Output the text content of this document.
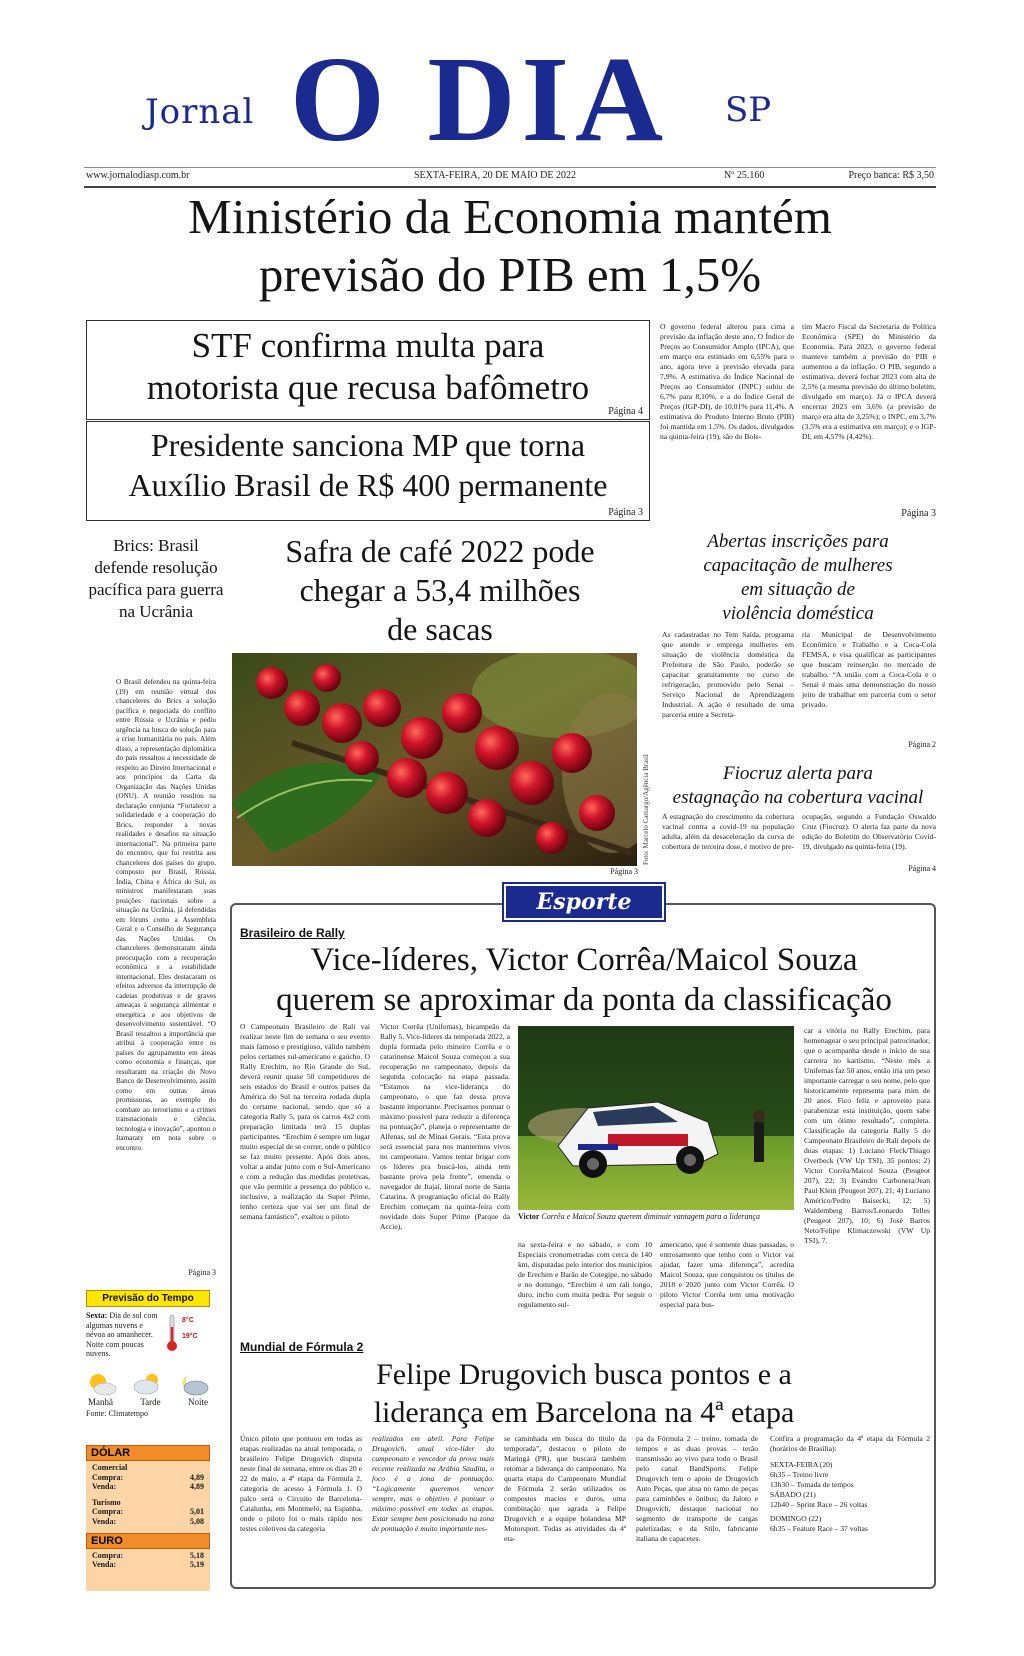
Jornal O DIA SP
www.jornalodiasp.com.br	SEXTA-FEIRA, 20 DE MAIO DE 2022	Nº 25.160	Preço banca: R$ 3,50
Ministério da Economia mantém
previsão do PIB em 1,5%
STF confirma multa para
motorista que recusa bafômetro
Página 4
Presidente sanciona MP que torna
Auxílio Brasil de R$ 400 permanente
Página 3
O governo federal alterou para cima a previsão da inflação deste ano. O Índice de Preços ao Consumidor Amplo (IPCA), que em março era estimado em 6,55% para o ano, agora teve a previsão elevada para 7,9%. A estimativa do Índice Nacional de Preços ao Consumidor (INPC) subiu de 6,7% para 8,10%, e a do Índice Geral de Preços (IGP-DI), de 10,01% para 11,4%. A estimativa do Produto Interno Bruto (PIB) foi mantida em 1,5%. Os dados, divulgados na quinta-feira (19), são do Bole-
tim Macro Fiscal da Secretaria de Política Econômica (SPE) do Ministério da Economia. Para 2023, o governo federal manteve também a previsão do PIB e aumentou a da inflação. O PIB, segundo a estimativa, deverá fechar 2023 com alta de 2,5% (a mesma previsão do último boletim, divulgado em março). Já o IPCA deverá encerrar 2023 em 3,6% (a previsão de março era alta de 3,25%); o INPC, em 3,7% (3,5% era a estimativa em março); e o IGP-DI, em 4,57% (4,42%).
Página 3
Brics: Brasil defende resolução pacífica para guerra na Ucrânia
O Brasil defendeu na quinta-feira (19) em reunião virtual dos chanceleres do Brics a solução pacífica e negociada do conflito entre Rússia e Ucrânia e pediu urgência na busca de solução para a crise humanitária no país. Além disso, a representação diplomática do país ressaltou a necessidade de respeito ao Direito Internacional e aos princípios da Carta da Organização das Nações Unidas (ONU). A reunião resultou na declaração conjunta “Fortalecer a solidariedade e a cooperação do Brics, responder a novas realidades e desafios na situação internacional”. Na primeira parte do encontro, que foi restrita aos chanceleres dos países do grupo, composto por Brasil, Rússia, Índia, China e África do Sul, os ministros manifestaram suas posições nacionais sobre a situação na Ucrânia, já defendidas em fóruns como a Assembleia Geral e o Conselho de Segurança das Nações Unidas. Os chanceleres demonstraram ainda preocupação com a recuperação econômica e a estabilidade internacional. Eles destacaram os efeitos adversos da interrupção de cadeias produtivas e de graves ameaças à segurança alimentar e energética e aos objetivos de desenvolvimento sustentável. “O Brasil ressaltou a importância que atribui à cooperação entre os países do agrupamento em áreas como economia e finanças, que resultaram na criação do Novo Banco de Desenvolvimento, assim como em outras áreas promissoras, ao exemplo do combate ao terrorismo e a crimes transnacionais e ciência, tecnologia e inovação”, apontou o Itamaraty em nota sobre o encontro.
Página 3
Safra de café 2022 pode
chegar a 53,4 milhões
de sacas
Foto: Marcelo Camargo/Agência Brasil
Página 3
Abertas inscrições para
capacitação de mulheres
em situação de
violência doméstica
As cadastradas no Tem Saída, programa que atende e emprega mulheres em situação de violência doméstica da Prefeitura de São Paulo, poderão se capacitar gratuitamente no curso de refrigeração, promovido pelo Senai – Serviço Nacional de Aprendizagem Industrial. A ação é resultado de uma parceria entre a Secreta-
ria Municipal de Desenvolvimento Econômico e Trabalho e a Coca-Cola FEMSA, e visa qualificar as participantes que buscam reinserção no mercado de trabalho. “A união com a Coca-Cola e o Senai é mais uma demonstração do nosso jeito de trabalhar em parceria com o setor privado.
Página 2
Fiocruz alerta para
estagnação na cobertura vacinal
A estagnação do crescimento da cobertura vacinal contra a covid-19 na população adulta, além da desaceleração da curva de cobertura de terceira dose, é motivo de pre-
ocupação, segundo a Fundação Oswaldo Cruz (Fiocruz). O alerta faz parte da nova edição do Boletim do Observatório Covid-19, divulgado na quinta-feira (19).
Página 4
Esporte
Brasileiro de Rally
Vice-líderes, Victor Corrêa/Maicol Souza
querem se aproximar da ponta da classificação
O Campeonato Brasileiro de Rali vai realizar neste fim de semana o seu evento mais famoso e prestigioso, válido também pelos certames sul-americano e gaúcho. O Rally Erechim, no Rio Grande do Sul, deverá reunir quase 50 competidores de seis estados do Brasil e outros países da América do Sul na terceira rodada dupla do certame nacional, sendo que só a categoria Rally 5, para os carros 4x2 com preparação limitada terá 15 duplas participantes. “Erechim é sempre um lugar muito especial de se correr, onde o público se faz muito presente. Após dois anos, voltar a andar junto com o Sul-Americano e com a redução das medidas protetivas, que vão permitir a presença do público e, inclusive, a realização da Super Prime, tenho certeza que vai ser um final de semana fantástico”, exaltou o piloto
Victor Corrêa (Unifemas), bicampeão da Rally 5. Vice-líderes da temporada 2022, a dupla formada pelo mineiro Corrêa e o catarinense Maicol Souza começou a sua recuperação no campeonato, depois da segunda colocação na etapa passada. “Estamos na vice-liderança do campeonato, o que faz dessa prova bastante importante. Precisamos pontuar o máximo possível para reduzir a diferença na pontuação”, planeja o representante de Alfenas, sul de Minas Gerais. “Esta prova será essencial para nos mantermos vivos no campeonato. Vamos tentar brigar com os líderes pra buscá-los, ainda tem bastante prova pela frente”, emenda o navegador de Itajaí, litoral norte de Santa Catarina. A programação oficial do Rally Erechim começam na quinta-feira com novidade dois Super Prime (Parque da Accie),
Victor Corrêa e Maicol Souza querem diminuir vantagem para a liderança
na sexta-feira e no sábado, e com 10 Especiais cronometradas com cerca de 140 km, disputadas pelo interior dos municípios de Erechim e Barão de Cotegipe, no sábado e no domingo. “Erechim é um rali longo, duro, incho com muita pedra. Por seguir o regulamento sul-
americano, que é somente duas passadas, o entrosamento que tenho com o Victor vai ajudar, fazer uma diferença”, acredita Maicol Souza, que conquistou os títulos de 2018 e 2020 junto com Victor Corrêa. O piloto Victor Corrêa tem uma motivação especial para bus-
car a vitória no Rally Erechim, para homenagear o seu principal patrocinador, que o acompanha desde o início de sua carreira no kartismo. “Neste mês a Unifemas faz 50 anos, então iria um peso importante carregar o seu nome, pelo que historicamente representa para mim de 20 anos. Fico feliz e aproveito para parabenizar esta instituição, quem sabe com um ótimo resultado”, completa. Classificação da categoria Rally 5 do Campeonato Brasileiro de Rali depois de duas etapas: 1) Luciano Fleck/Thiago Overbeck (VW Up TSI), 35 pontos; 2) Victor Corrêa/Maicol Souza (Peugeot 207), 22; 3) Evandro Carbonera/Jean Paul Klein (Peugeot 207), 21; 4) Luciano Américo/Pedro Baisecki, 12; 5) Waldemberg Barros/Leonardo Telles (Peugeot 207), 10; 6) José Barros Neto/Felipe Klimaczewski (VW Up TSI), 7.
Mundial de Fórmula 2
Felipe Drugovich busca pontos e a
liderança em Barcelona na 4ª etapa
Único piloto que pontuou em todas as etapas realizadas na atual temporada, o brasileiro Felipe Drugovich disputa neste final de semana, entre os dias 20 e 22 de maio, a 4ª etapa da Fórmula 2, categoria de acesso à Fórmula 1. O palco será o Circuito de Barcelona-Catalunha, em Montmeló, na Espanha, onde o piloto foi o mais rápido nos testes coletivos da categoria
realizados em abril. Para Felipe Drugovich, atual vice-líder do campeonato e vencedor da prova mais recente realizada na Arábia Saudita, o foco é a zona de pontuação. “Logicamente queremos vencer sempre, mas o objetivo é pontuar o máximo possível em todas as etapas. Estar sempre bem posicionado na zona de pontuação é muito importante nes-
se caminhada em busca do título da temporada”, destacou o piloto de Maringá (PR), que buscará também retomar a liderança do campeonato. Na quarta etapa do Campeonato Mundial de Fórmula 2 serão utilizados os compostos macios e duros, uma combinação que agrada a Felipe Drugovich e a equipe holandesa MP Motorsport. Todas as atividades da 4ª eta-
pa da Fórmula 2 – treino, tomada de tempos e as duas provas – terão transmissão ao vivo para todo o Brasil pelo canal BandSports. Felipe Drugovich tem o apoio de Drugovich Auto Peças, que atua no ramo de peças para caminhões e ônibus; da Jaloto e Drugovich, destaque nacional no segmento de transporte de cargas paletizadas; e da Stilo, fabricante italiana de capacetes.
Confira a programação da 4ª etapa da Fórmula 2 (horários de Brasília):
SEXTA-FEIRA (20)
6h35 – Treino livre
13h30 – Tomada de tempos
SÁBADO (21)
12h40 – Sprint Race – 26 voltas
DOMINGO (22)
6h35 – Feature Race – 37 voltas
Previsão do Tempo
Sexta: Dia de sol com algumas nuvens e névoa ao amanhecer. Noite com poucas nuvens.
8°C
19°C
Manhã	Tarde	Noite
Fonte: Climatempo
DÓLAR
Comercial
Compra:	4,89
Venda:	4,89
Turismo
Compra:	5,01
Venda:	5,08
EURO
Compra:	5,18
Venda:	5,19
